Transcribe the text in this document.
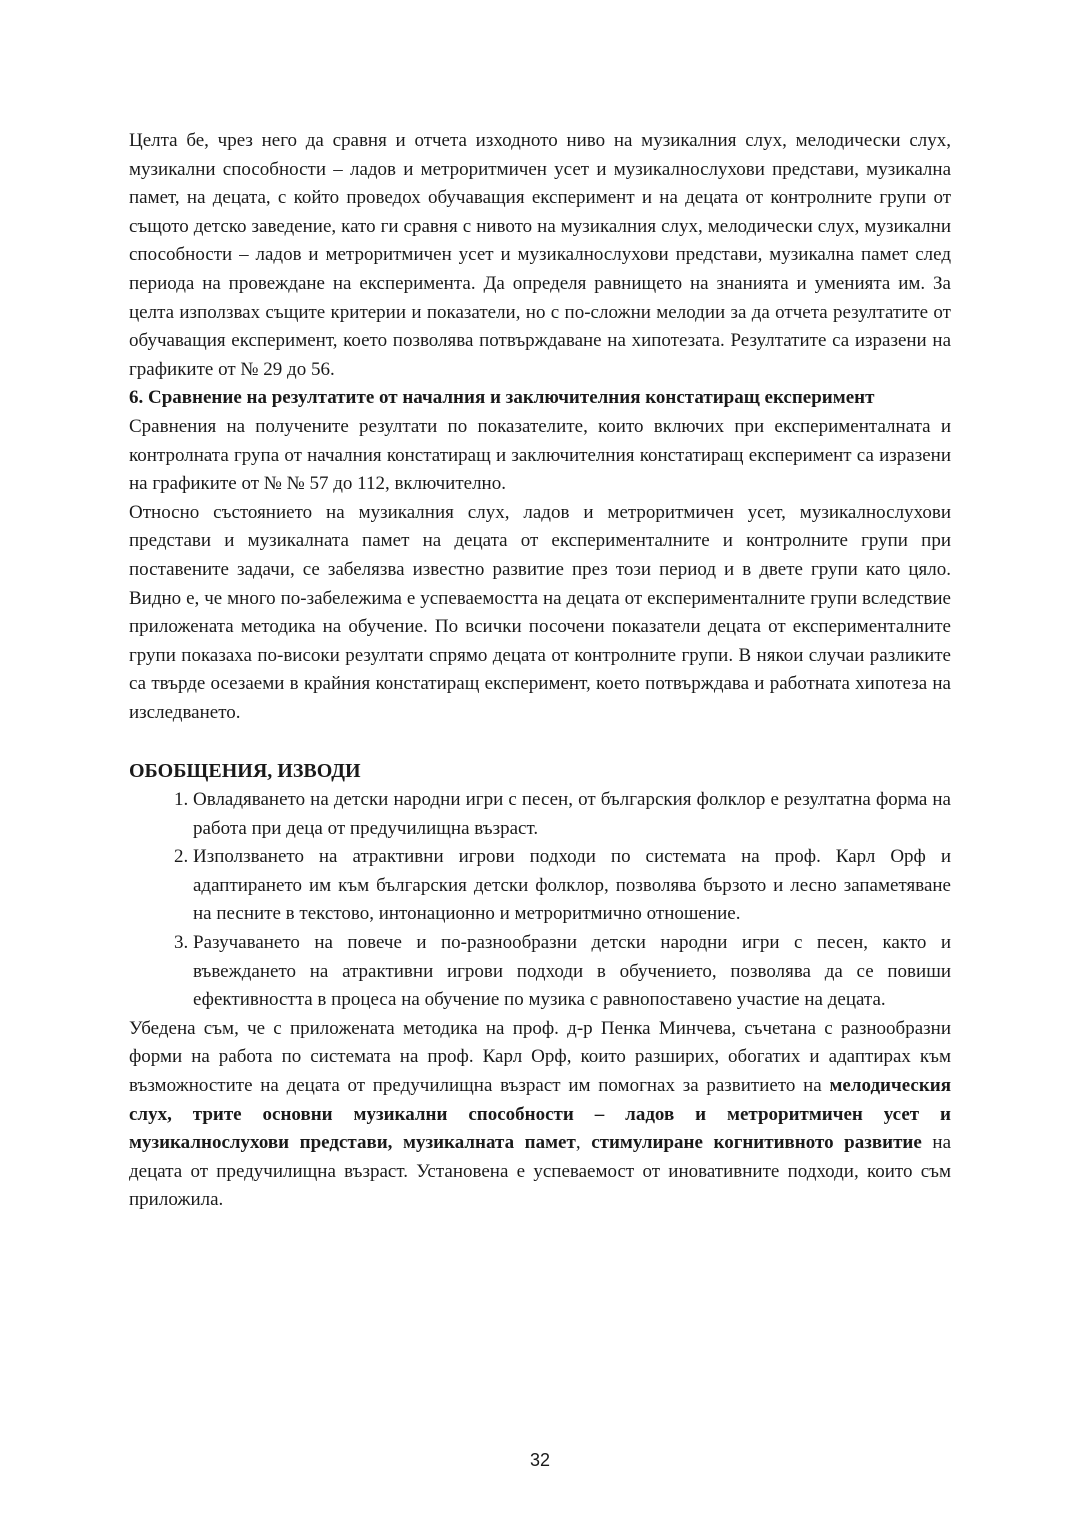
Целта бе, чрез него да сравня и отчета изходното ниво на музикалния слух, мелодически слух, музикални способности – ладов и метроритмичен усет и музикалнослухови представи, музикална памет, на децата, с който проведох обучаващия експеримент и на децата от контролните групи от същото детско заведение, като ги сравня с нивото на музикалния слух, мелодически слух, музикални способности – ладов и метроритмичен усет и музикалнослухови представи, музикална памет след периода на провеждане на експеримента. Да определя равнището на знанията и уменията им. За целта използвах същите критерии и показатели, но с по-сложни мелодии за да отчета резултатите от обучаващия експеримент, което позволява потвърждаване на хипотезата. Резултатите са изразени на графиките от № 29 до 56.

6. Сравнение на резултатите от началния и заключителния констатиращ експеримент

Сравнения на получените резултати по показателите, които включих при експерименталната и контролната група от началния констатиращ и заключителния констатиращ експеримент са изразени на графиките от № № 57 до 112, включително.

Относно състоянието на музикалния слух, ладов и метроритмичен усет, музикалнослухови представи и музикалната памет на децата от експерименталните и контролните групи при поставените задачи, се забелязва известно развитие през този период и в двете групи като цяло. Видно е, че много по-забележима е успеваемостта на децата от експерименталните групи вследствие приложената методика на обучение. По всички посочени показатели децата от експерименталните групи показаха по-високи резултати спрямо децата от контролните групи. В някои случаи разликите са твърде осезаеми в крайния констатиращ експеримент, което потвърждава и работната хипотеза на изследването.

ОБОБЩЕНИЯ, ИЗВОДИ

1. Овладяването на детски народни игри с песен, от българския фолклор е резултатна форма на работа при деца от предучилищна възраст.
2. Използването на атрактивни игрови подходи по системата на проф. Карл Орф и адаптирането им към българския детски фолклор, позволява бързото и лесно запаметяване на песните в текстово, интонационно и метроритмично отношение.
3. Разучаването на повече и по-разнообразни детски народни игри с песен, както и въвеждането на атрактивни игрови подходи в обучението, позволява да се повиши ефективността в процеса на обучение по музика с равнопоставено участие на децата.

Убедена съм, че с приложената методика на проф. д-р Пенка Минчева, съчетана с разнообразни форми на работа по системата на проф. Карл Орф, които разширих, обогатих и адаптирах към възможностите на децата от предучилищна възраст им помогнах за развитието на мелодическия слух, трите основни музикални способности – ладов и метроритмичен усет и музикалнослухови представи, музикалната памет, стимулиране когнитивното развитие на децата от предучилищна възраст. Установена е успеваемост от иновативните подходи, които съм приложила.

32
